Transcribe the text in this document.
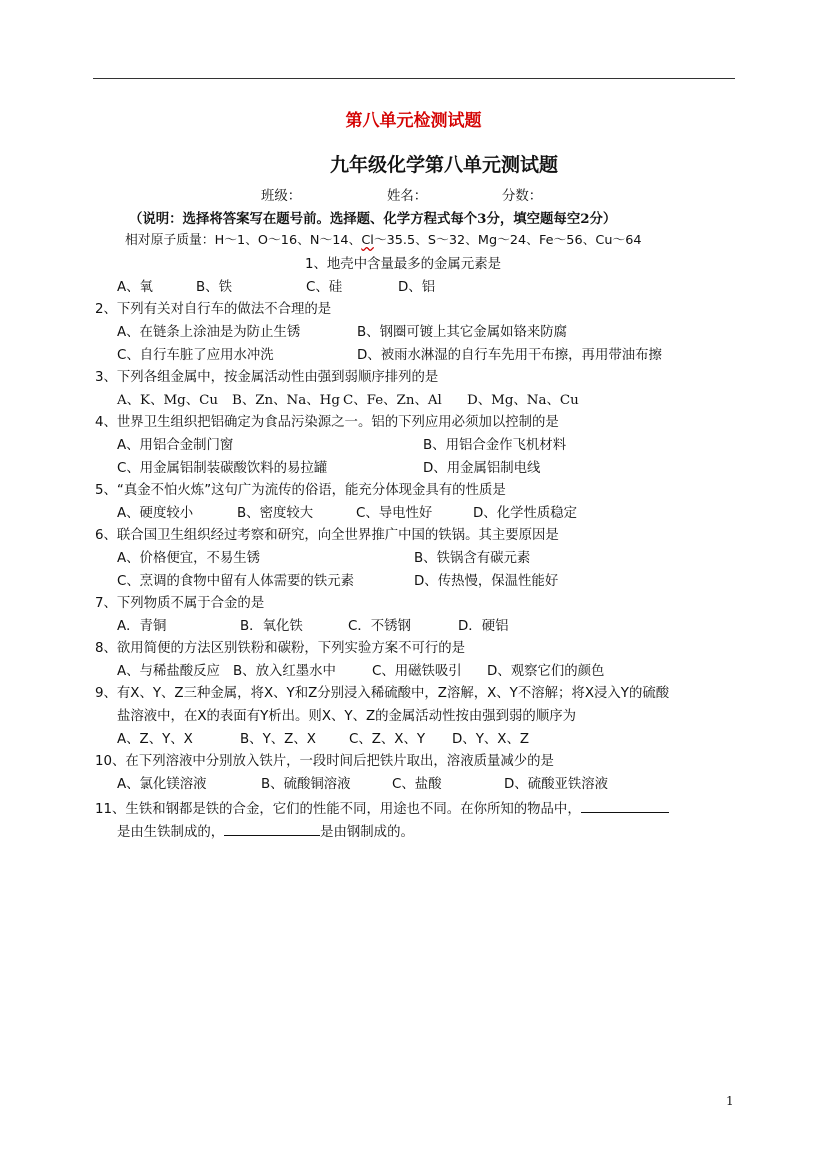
第八单元检测试题
九年级化学第八单元测试题
班级：	姓名：	分数：
（说明：选择将答案写在题号前。选择题、化学方程式每个3分，填空题每空2分）
相对原子质量：H～1、O～16、N～14、Cl～35.5、S～32、Mg～24、Fe～56、Cu～64
1、地壳中含量最多的金属元素是
A、氧	B、铁	C、硅	D、铝
2、下列有关对自行车的做法不合理的是
A、在链条上涂油是为防止生锈	B、钢圈可镀上其它金属如铬来防腐
C、自行车脏了应用水冲洗	D、被雨水淋湿的自行车先用干布擦，再用带油布擦
3、下列各组金属中，按金属活动性由强到弱顺序排列的是
A、K、Mg、Cu B、Zn、Na、Hg C、Fe、Zn、Al D、Mg、Na、Cu
4、世界卫生组织把铝确定为食品污染源之一。铝的下列应用必须加以控制的是
A、用铝合金制门窗	B、用铝合金作飞机材料
C、用金属铝制装碳酸饮料的易拉罐	D、用金属铝制电线
5、“真金不怕火炼”这句广为流传的俗语，能充分体现金具有的性质是
A、硬度较小	B、密度较大	C、导电性好	D、化学性质稳定
6、联合国卫生组织经过考察和研究，向全世界推广中国的铁锅。其主要原因是
A、价格便宜，不易生锈	B、铁锅含有碳元素
C、烹调的食物中留有人体需要的铁元素	D、传热慢，保温性能好
7、下列物质不属于合金的是
A．青铜	B．氧化铁	C．不锈钢	D．硬铝
8、欲用简便的方法区别铁粉和碳粉，下列实验方案不可行的是
A、与稀盐酸反应 B、放入红墨水中	C、用磁铁吸引 D、观察它们的颜色
9、有X、Y、Z三种金属，将X、Y和Z分别浸入稀硫酸中，Z溶解，X、Y不溶解；将X浸入Y的硫酸
盐溶液中，在X的表面有Y析出。则X、Y、Z的金属活动性按由强到弱的顺序为
A、Z、Y、X	B、Y、Z、X C、Z、X、Y D、Y、X、Z
10、在下列溶液中分别放入铁片，一段时间后把铁片取出，溶液质量减少的是
A、氯化镁溶液	B、硫酸铜溶液	C、盐酸	D、硫酸亚铁溶液
11、生铁和钢都是铁的合金，它们的性能不同，用途也不同。在你所知的物品中，
是由生铁制成的，	是由钢制成的。
1
